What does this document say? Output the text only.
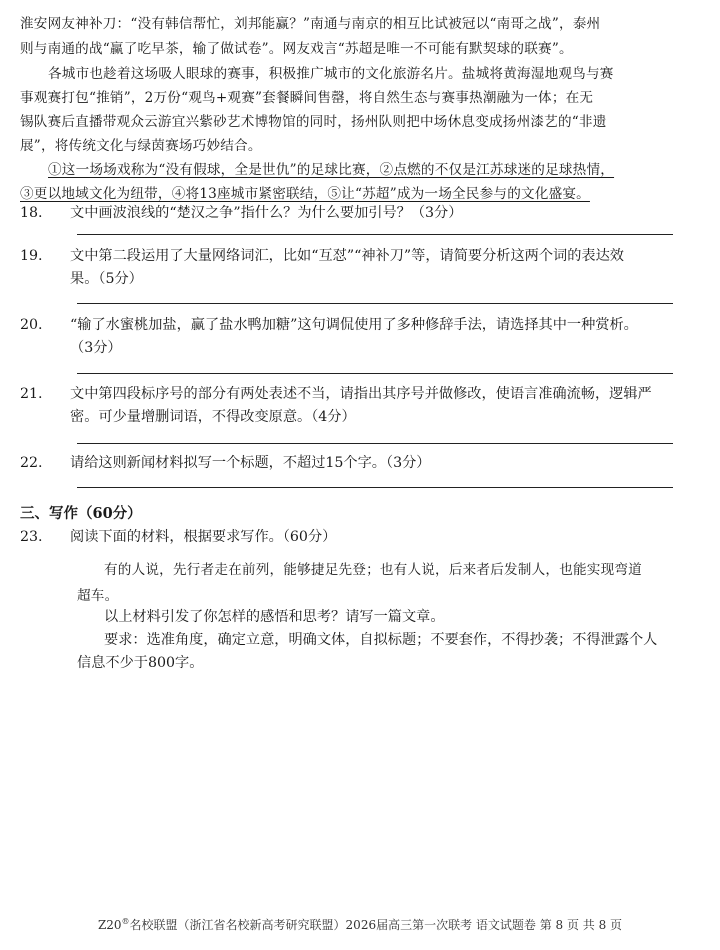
淮安网友神补刀：“没有韩信帮忙，刘邦能赢？”南通与南京的相互比试被冠以“南哥之战”，泰州
则与南通的战“赢了吃早茶，输了做试卷”。网友戏言“苏超是唯一不可能有默契球的联赛”。
各城市也趁着这场吸人眼球的赛事，积极推广城市的文化旅游名片。盐城将黄海湿地观鸟与赛
事观赛打包“推销”，2万份“观鸟+观赛”套餐瞬间售罄，将自然生态与赛事热潮融为一体；在无
锡队赛后直播带观众云游宜兴紫砂艺术博物馆的同时，扬州队则把中场休息变成扬州漆艺的“非遗
展”，将传统文化与绿茵赛场巧妙结合。
①这一场场戏称为“没有假球，全是世仇”的足球比赛，②点燃的不仅是江苏球迷的足球热情，
③更以地域文化为纽带，④将13座城市紧密联结，⑤让“苏超”成为一场全民参与的文化盛宴。
18. 文中画波浪线的“楚汉之争”指什么？为什么要加引号？（3分）
19. 文中第二段运用了大量网络词汇，比如“互怼”“神补刀”等，请简要分析这两个词的表达效
果。（5分）
20. “输了水蜜桃加盐，赢了盐水鸭加糖”这句调侃使用了多种修辞手法，请选择其中一种赏析。
（3分）
21. 文中第四段标序号的部分有两处表述不当，请指出其序号并做修改，使语言准确流畅，逻辑严
密。可少量增删词语，不得改变原意。（4分）
22. 请给这则新闻材料拟写一个标题，不超过15个字。（3分）
三、写作（60分）
23. 阅读下面的材料，根据要求写作。（60分）
有的人说，先行者走在前列，能够捷足先登；也有人说，后来者后发制人，也能实现弯道
超车。
以上材料引发了你怎样的感悟和思考？请写一篇文章。
要求：选准角度，确定立意，明确文体，自拟标题；不要套作，不得抄袭；不得泄露个人
信息不少于800字。
Z20®名校联盟（浙江省名校新高考研究联盟）2026届高三第一次联考 语文试题卷 第 8 页 共 8 页
